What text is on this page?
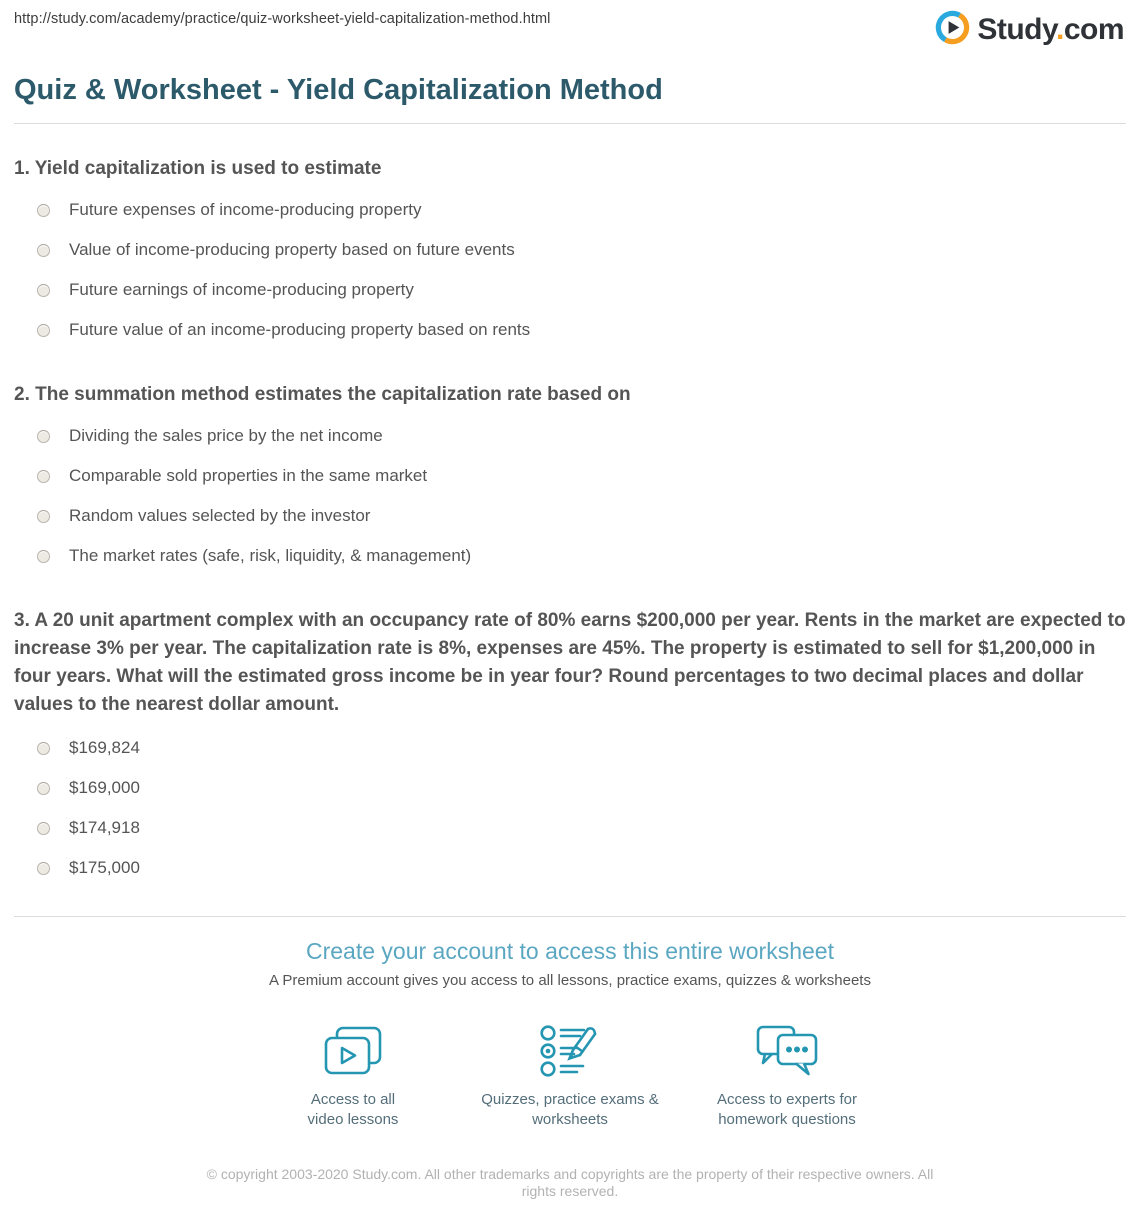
http://study.com/academy/practice/quiz-worksheet-yield-capitalization-method.html	Study.com
Quiz & Worksheet - Yield Capitalization Method
1. Yield capitalization is used to estimate
Future expenses of income-producing property
Value of income-producing property based on future events
Future earnings of income-producing property
Future value of an income-producing property based on rents
2. The summation method estimates the capitalization rate based on
Dividing the sales price by the net income
Comparable sold properties in the same market
Random values selected by the investor
The market rates (safe, risk, liquidity, & management)
3. A 20 unit apartment complex with an occupancy rate of 80% earns $200,000 per year. Rents in the market are expected to increase 3% per year. The capitalization rate is 8%, expenses are 45%. The property is estimated to sell for $1,200,000 in four years. What will the estimated gross income be in year four? Round percentages to two decimal places and dollar values to the nearest dollar amount.
$169,824
$169,000
$174,918
$175,000
Create your account to access this entire worksheet
A Premium account gives you access to all lessons, practice exams, quizzes & worksheets
Access to all video lessons
Quizzes, practice exams & worksheets
Access to experts for homework questions
© copyright 2003-2020 Study.com. All other trademarks and copyrights are the property of their respective owners. All rights reserved.
